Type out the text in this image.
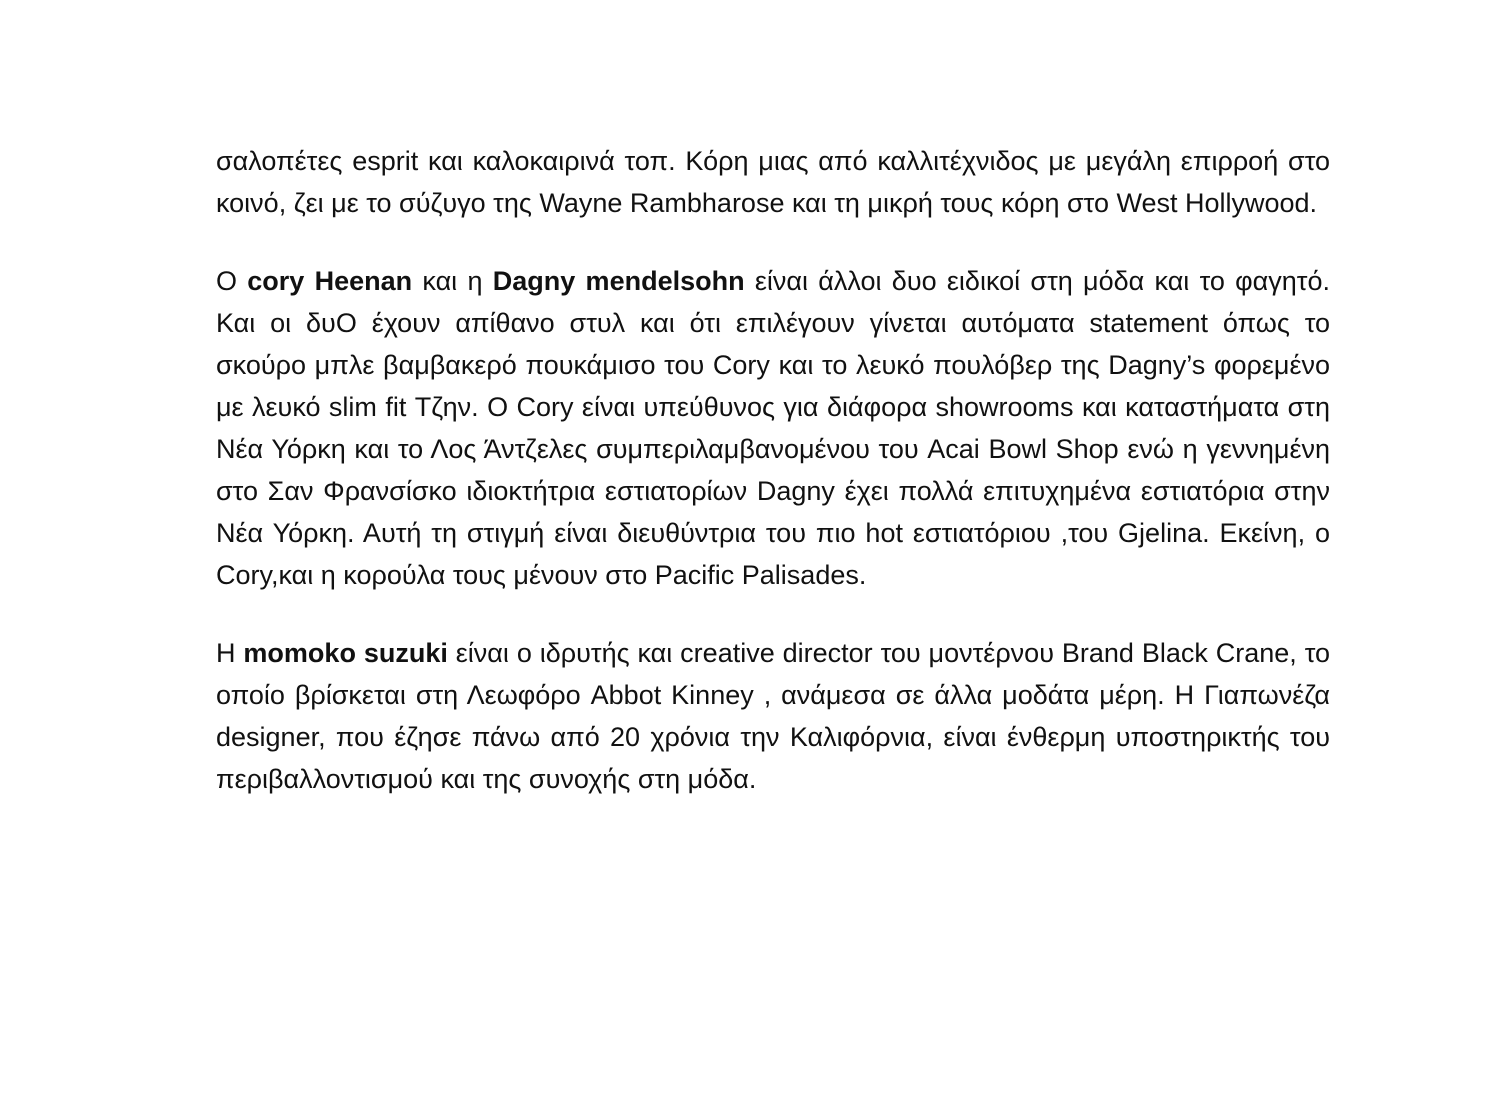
σαλοπέτες esprit και καλοκαιρινά τοπ. Κόρη μιας από καλλιτέχνιδος με μεγάλη επιρροή στο κοινό, ζει με το σύζυγο της Wayne Rambharose και τη μικρή τους κόρη στο West Hollywood.

Ο cory Heenan και η Dagny mendelsohn είναι άλλοι δυο ειδικοί στη μόδα και το φαγητό. Και οι δυΟ έχουν απίθανο στυλ και ότι επιλέγουν γίνεται αυτόματα statement όπως το σκούρο μπλε βαμβακερό πουκάμισο του Cory και το λευκό πουλόβερ της Dagny’s φορεμένο με λευκό slim fit Τζην. Ο Cory είναι υπεύθυνος για διάφορα showrooms και καταστήματα στη Νέα Υόρκη και το Λος Άντζελες συμπεριλαμβανομένου του Acai Bowl Shop ενώ η γεννημένη στο Σαν Φρανσίσκο ιδιοκτήτρια εστιατορίων Dagny έχει πολλά επιτυχημένα εστιατόρια στην Νέα Υόρκη. Αυτή τη στιγμή είναι διευθύντρια του πιο hot εστιατόριου ,του Gjelina. Εκείνη, ο Cory,και η κορούλα τους μένουν στο Pacific Palisades.

Η momoko suzuki είναι ο ιδρυτής και creative director του μοντέρνου Brand Black Crane, το οποίο βρίσκεται στη Λεωφόρο Abbot Kinney , ανάμεσα σε άλλα μοδάτα μέρη. Η Γιαπωνέζα designer, που έζησε πάνω από 20 χρόνια την Καλιφόρνια, είναι ένθερμη υποστηρικτής του περιβαλλοντισμού και της συνοχής στη μόδα.
